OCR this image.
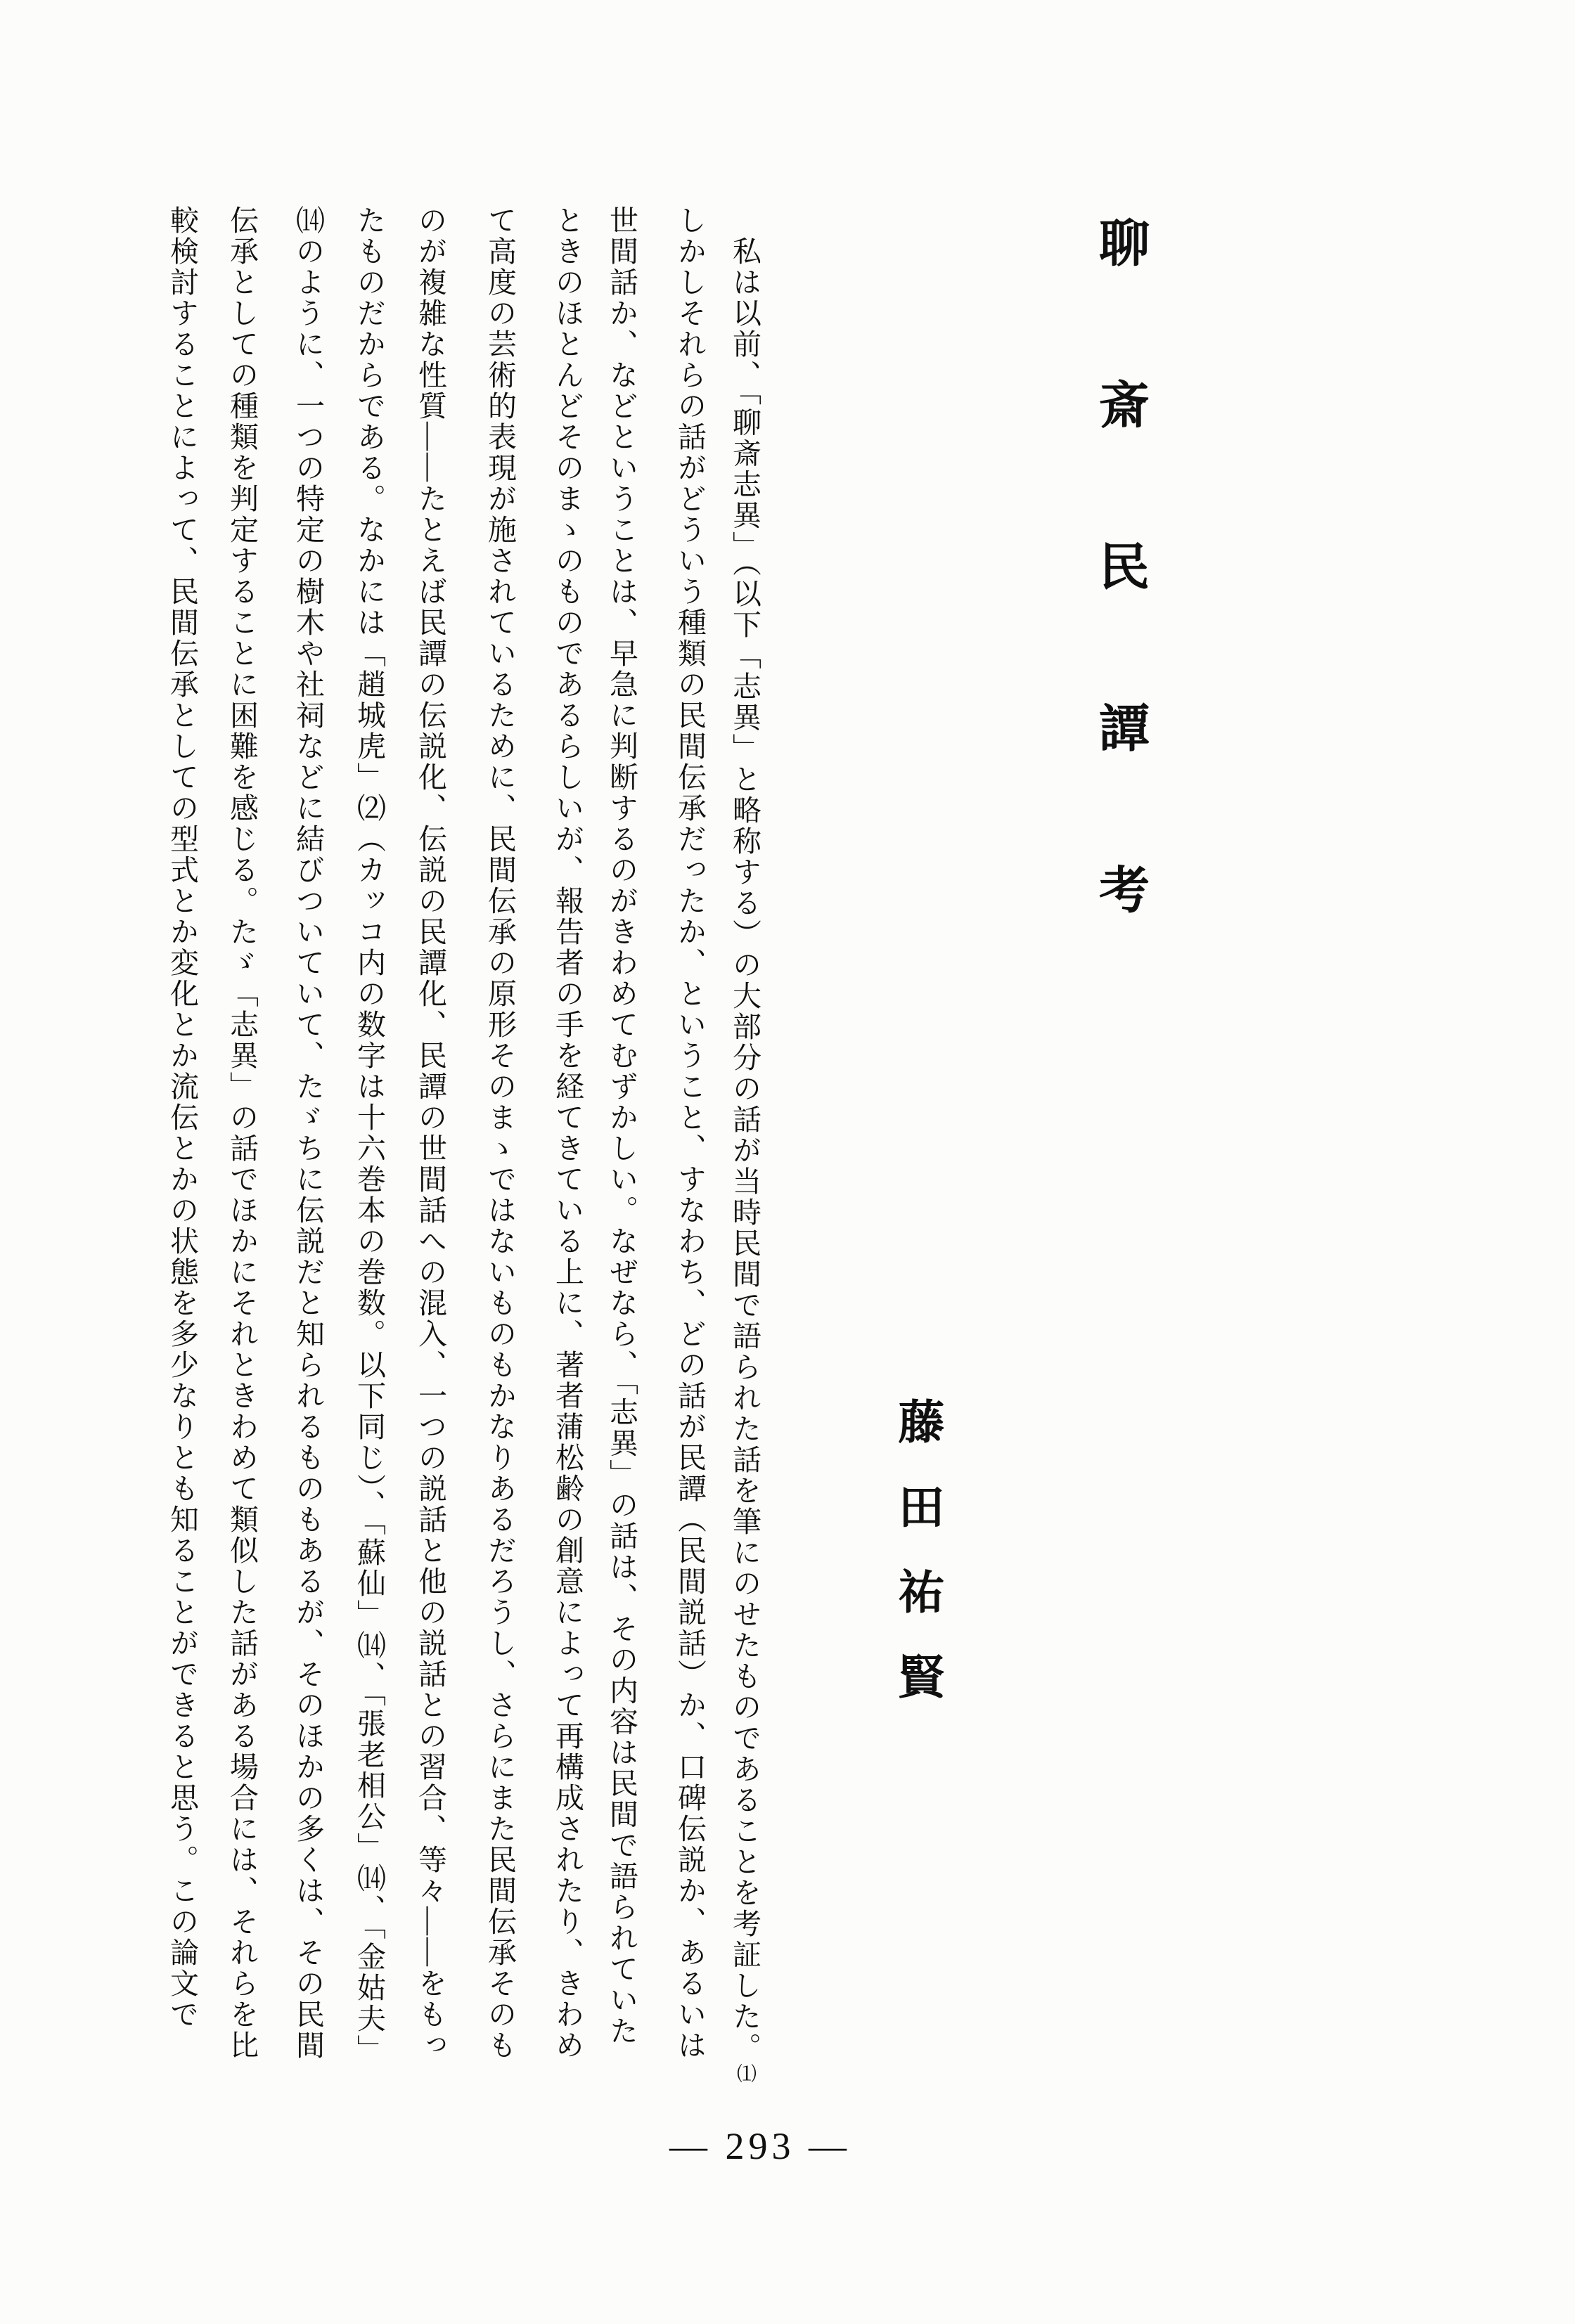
聊斎民譚考
藤田祐賢
私は以前、「聊斎志異」（以下「志異」と略称する）の大部分の話が当時民間で語られた話を筆にのせたものであることを考証した。⑴
しかしそれらの話がどういう種類の民間伝承だったか、ということ、すなわち、どの話が民譚（民間説話）か、口碑伝説か、あるいは
世間話か、などということは、早急に判断するのがきわめてむずかしい。なぜなら、「志異」の話は、その内容は民間で語られていた
ときのほとんどそのまゝのものであるらしいが、報告者の手を経てきている上に、著者蒲松齢の創意によって再構成されたり、きわめ
て高度の芸術的表現が施されているために、民間伝承の原形そのまゝではないものもかなりあるだろうし、さらにまた民間伝承そのも
のが複雑な性質――たとえば民譚の伝説化、伝説の民譚化、民譚の世間話への混入、一つの説話と他の説話との習合、等々――をもっ
たものだからである。なかには「趙城虎」⑵（カッコ内の数字は十六巻本の巻数。以下同じ）、「蘇仙」⒁、「張老相公」⒁、「金姑夫」
⒁のように、一つの特定の樹木や社祠などに結びついていて、たゞちに伝説だと知られるものもあるが、そのほかの多くは、その民間
伝承としての種類を判定することに困難を感じる。たゞ「志異」の話でほかにそれときわめて類似した話がある場合には、それらを比
較検討することによって、民間伝承としての型式とか変化とか流伝とかの状態を多少なりとも知ることができると思う。この論文で
― 293 ―
